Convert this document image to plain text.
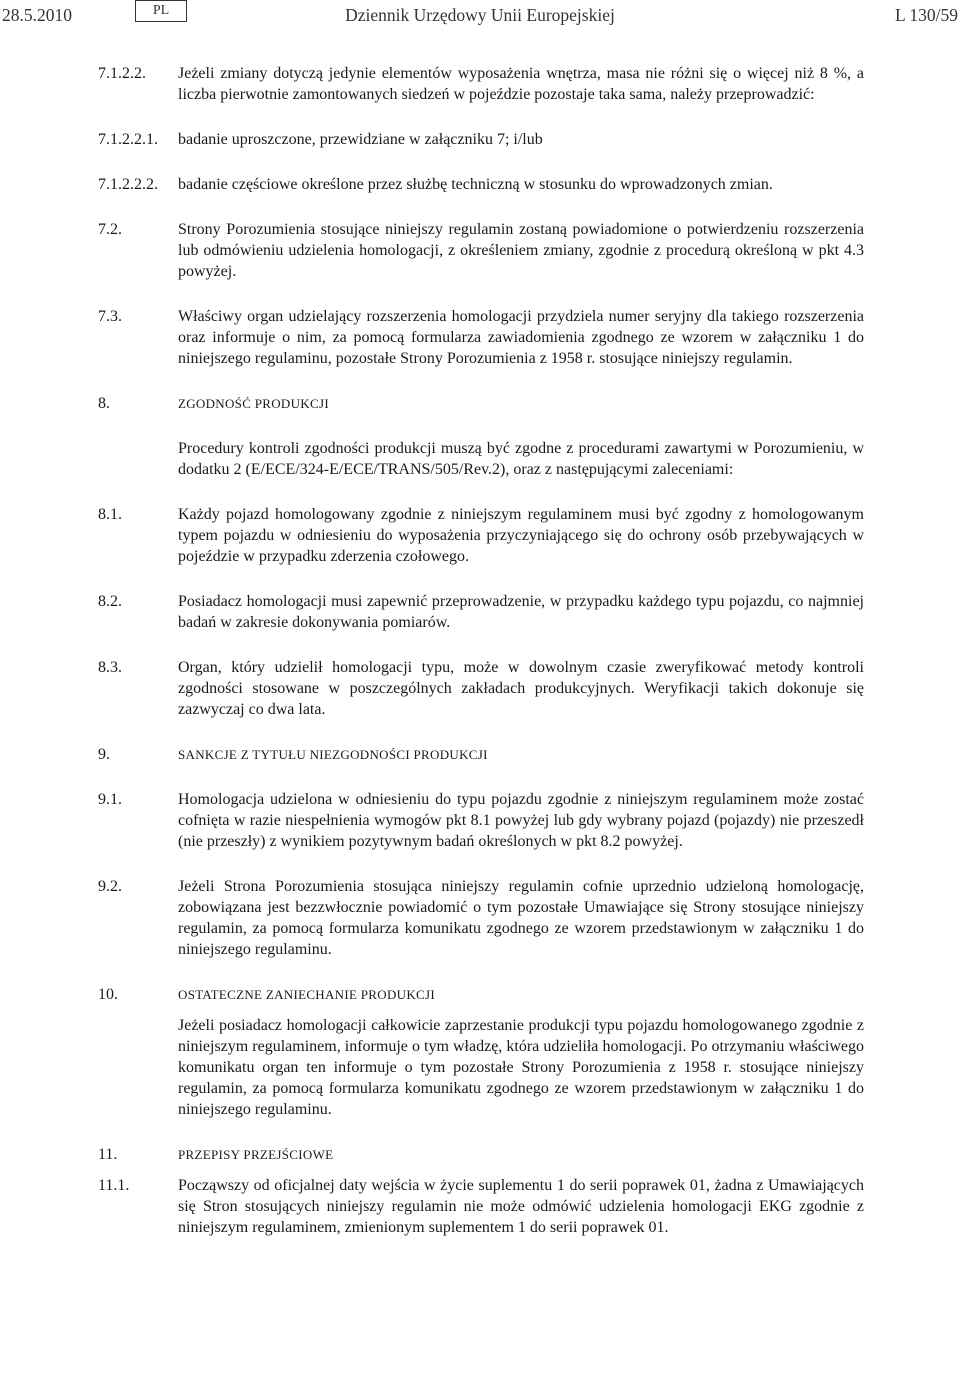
28.5.2010	PL	Dziennik Urzędowy Unii Europejskiej	L 130/59
7.1.2.2. Jeżeli zmiany dotyczą jedynie elementów wyposażenia wnętrza, masa nie różni się o więcej niż 8 %, a liczba pierwotnie zamontowanych siedzeń w pojeździe pozostaje taka sama, należy przeprowadzić:
7.1.2.2.1. badanie uproszczone, przewidziane w załączniku 7; i/lub
7.1.2.2.2. badanie częściowe określone przez służbę techniczną w stosunku do wprowadzonych zmian.
7.2.	Strony Porozumienia stosujące niniejszy regulamin zostaną powiadomione o potwierdzeniu rozszerzenia lub odmówieniu udzielenia homologacji, z określeniem zmiany, zgodnie z procedurą określoną w pkt 4.3 powyżej.
7.3.	Właściwy organ udzielający rozszerzenia homologacji przydziela numer seryjny dla takiego rozszerzenia oraz informuje o nim, za pomocą formularza zawiadomienia zgodnego ze wzorem w załączniku 1 do niniejszego regulaminu, pozostałe Strony Porozumienia z 1958 r. stosujące niniejszy regulamin.
8.	ZGODNOŚĆ PRODUKCJI
Procedury kontroli zgodności produkcji muszą być zgodne z procedurami zawartymi w Porozumieniu, w dodatku 2 (E/ECE/324-E/ECE/TRANS/505/Rev.2), oraz z następującymi zaleceniami:
8.1.	Każdy pojazd homologowany zgodnie z niniejszym regulaminem musi być zgodny z homologowanym typem pojazdu w odniesieniu do wyposażenia przyczyniającego się do ochrony osób przebywających w pojeździe w przypadku zderzenia czołowego.
8.2.	Posiadacz homologacji musi zapewnić przeprowadzenie, w przypadku każdego typu pojazdu, co najmniej badań w zakresie dokonywania pomiarów.
8.3.	Organ, który udzielił homologacji typu, może w dowolnym czasie zweryfikować metody kontroli zgodności stosowane w poszczególnych zakładach produkcyjnych. Weryfikacji takich dokonuje się zazwyczaj co dwa lata.
9.	SANKCJE Z TYTUŁU NIEZGODNOŚCI PRODUKCJI
9.1.	Homologacja udzielona w odniesieniu do typu pojazdu zgodnie z niniejszym regulaminem może zostać cofnięta w razie niespełnienia wymogów pkt 8.1 powyżej lub gdy wybrany pojazd (pojazdy) nie przeszedł (nie przeszły) z wynikiem pozytywnym badań określonych w pkt 8.2 powyżej.
9.2.	Jeżeli Strona Porozumienia stosująca niniejszy regulamin cofnie uprzednio udzieloną homologację, zobowiązana jest bezzwłocznie powiadomić o tym pozostałe Umawiające się Strony stosujące niniejszy regulamin, za pomocą formularza komunikatu zgodnego ze wzorem przedstawionym w załączniku 1 do niniejszego regulaminu.
10.	OSTATECZNE ZANIECHANIE PRODUKCJI
Jeżeli posiadacz homologacji całkowicie zaprzestanie produkcji typu pojazdu homologowanego zgodnie z niniejszym regulaminem, informuje o tym władzę, która udzieliła homologacji. Po otrzymaniu właściwego komunikatu organ ten informuje o tym pozostałe Strony Porozumienia z 1958 r. stosujące niniejszy regulamin, za pomocą formularza komunikatu zgodnego ze wzorem przedstawionym w załączniku 1 do niniejszego regulaminu.
11.	PRZEPISY PRZEJŚCIOWE
11.1.	Począwszy od oficjalnej daty wejścia w życie suplementu 1 do serii poprawek 01, żadna z Umawiających się Stron stosujących niniejszy regulamin nie może odmówić udzielenia homologacji EKG zgodnie z niniejszym regulaminem, zmienionym suplementem 1 do serii poprawek 01.
